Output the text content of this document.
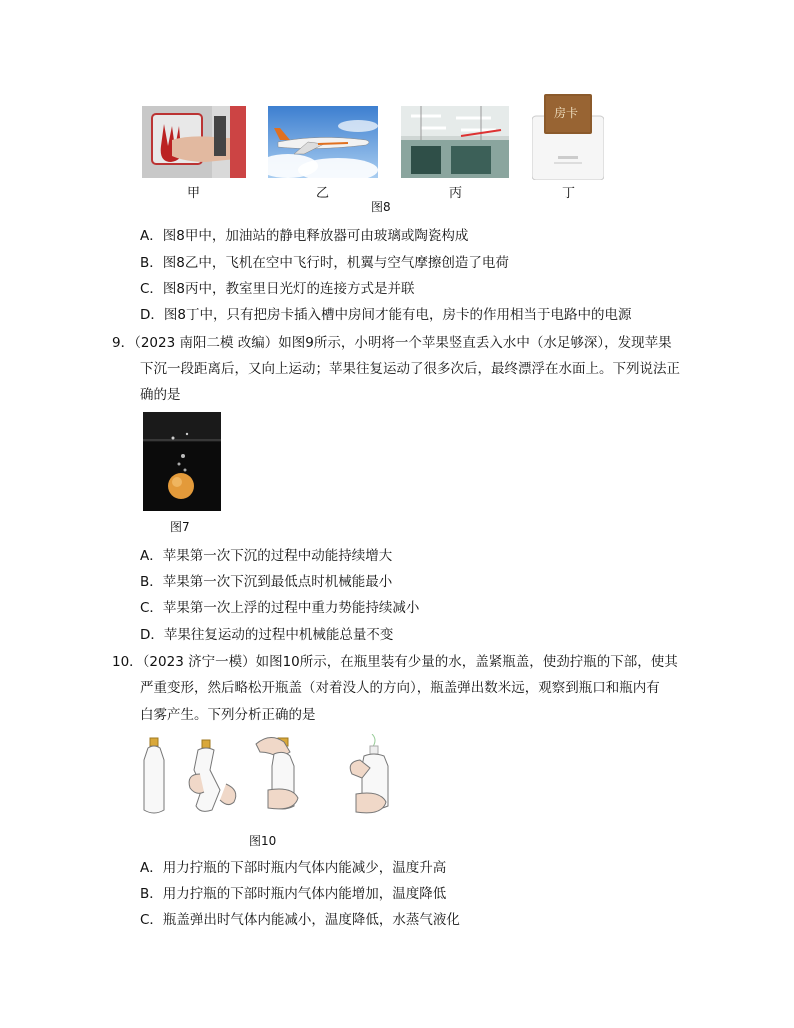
房卡
甲	乙	丙	丁
图8
A．图8甲中，加油站的静电释放器可由玻璃或陶瓷构成
B．图8乙中，飞机在空中飞行时，机翼与空气摩擦创造了电荷
C．图8丙中，教室里日光灯的连接方式是并联
D．图8丁中，只有把房卡插入槽中房间才能有电，房卡的作用相当于电路中的电源
9．（2023 南阳二模 改编）如图9所示，小明将一个苹果竖直丢入水中（水足够深），发现苹果
下沉一段距离后，又向上运动；苹果往复运动了很多次后，最终漂浮在水面上。下列说法正
确的是
图7
A．苹果第一次下沉的过程中动能持续增大
B．苹果第一次下沉到最低点时机械能最小
C．苹果第一次上浮的过程中重力势能持续减小
D．苹果往复运动的过程中机械能总量不变
10．（2023 济宁一模）如图10所示，在瓶里装有少量的水，盖紧瓶盖，使劲拧瓶的下部，使其
严重变形，然后略松开瓶盖（对着没人的方向），瓶盖弹出数米远，观察到瓶口和瓶内有
白雾产生。下列分析正确的是
图10
A．用力拧瓶的下部时瓶内气体内能减少，温度升高
B．用力拧瓶的下部时瓶内气体内能增加，温度降低
C．瓶盖弹出时气体内能减小，温度降低，水蒸气液化
